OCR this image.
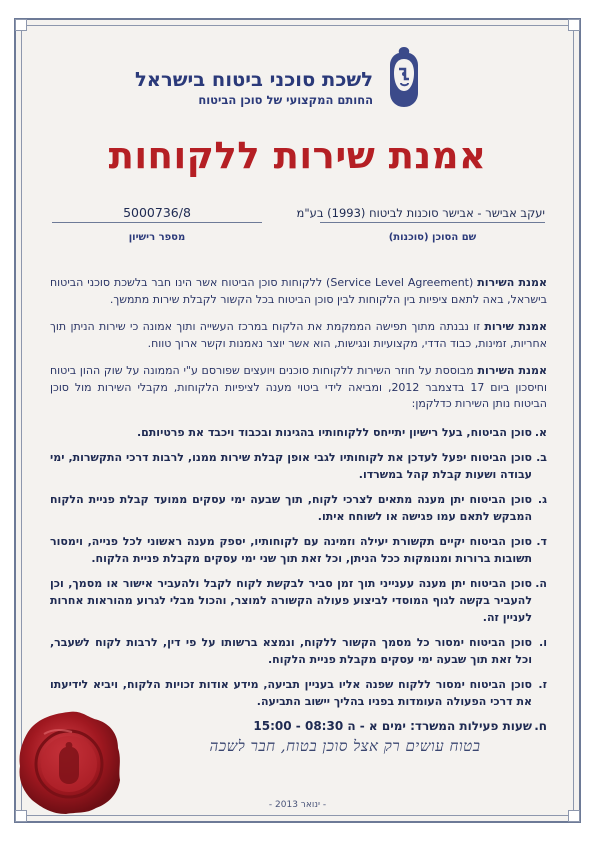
לשכת סוכני ביטוח בישראל
החותם המקצועי של סוכן הביטוח
אמנת שירות ללקוחות
יעקב אבישר - אבישר סוכנות לביטוח (1993) בע"מ
שם הסוכן (סוכנות)
5000736/8
מספר רישיון

אמנת השירות (Service Level Agreement) ללקוחות סוכן הביטוח אשר הינו חבר בלשכת סוכני הביטוח בישראל, באה לתאם ציפיות בין הלקוחות לבין סוכן הביטוח בכל הקשור לקבלת שירות מתמשך.

אמנת שירות זו נבנתה מתוך תפישה הממקמת את הלקוח במרכז העשייה ותוך אמונה כי שירות הניתן תוך אחריות, זמינות, כבוד הדדי, מקצועיות ונגישות, הוא אשר יוצר נאמנות וקשר ארוך טווח.

אמנת השירות מבוססת על חוזר השירות ללקוחות סוכנים ויועצים שפורסם ע"י הממונה על שוק ההון ביטוח וחיסכון ביום 17 בדצמבר 2012, ומביאה לידי ביטוי מענה לציפיות הלקוחות, מקבלי השירות מול סוכן הביטוח נותן השירות כדלקמן:

א.
סוכן הביטוח, בעל רישיון יתייחס ללקוחותיו בהגינות ובכבוד ויכבד את פרטיותם.
ב.
סוכן הביטוח יפעל לעדכן את לקוחותיו לגבי אופן קבלת שירות ממנו, לרבות דרכי התקשרות, ימי עבודה ושעות קבלת קהל במשרדו.
ג.
סוכן הביטוח יתן מענה מתאים לצרכי לקוח, תוך שבעה ימי עסקים ממועד קבלת פניית הלקוח המבקש לתאם עמו פגישה או לשוחח איתו.
ד.
סוכן הביטוח יקיים תקשורת יעילה וזמינה עם לקוחותיו, יספק מענה ראשוני לכל פנייה, וימסור תשובות ברורות ומנומקות ככל הניתן, וכל זאת תוך שני ימי עסקים מקבלת פניית הלקוח.
ה.
סוכן הביטוח יתן מענה עענייני תוך זמן סביר לבקשת לקוח לקבל ולהעביר אישור או מסמך, וכן להעביר בקשה לגוף המוסדי לביצוע פעולה הקשורה למוצר, והכול מבלי לגרוע מהוראות אחרות לעניין זה.
ו.
סוכן הביטוח ימסור כל מסמך הקשור ללקוח, ונמצא ברשותו על פי דין, לרבות לקוח לשעבר, וכל זאת תוך שבעה ימי עסקים מקבלת פניית הלקוח.
ז.
סוכן הביטוח ימסור ללקוח שפנה אליו בעניין תביעה, מידע אודות זכויות הלקוח, ויביא לידיעתו את דרכי הפעולה העומדות בפניו בהליך יישוב התביעה.
ח.
שעות פעילות המשרד: ימים א - ה 08:30 - 15:00
בטוח עושים רק אצל סוכן בטוח, חבר לשכה
- ינואר 2013 -
